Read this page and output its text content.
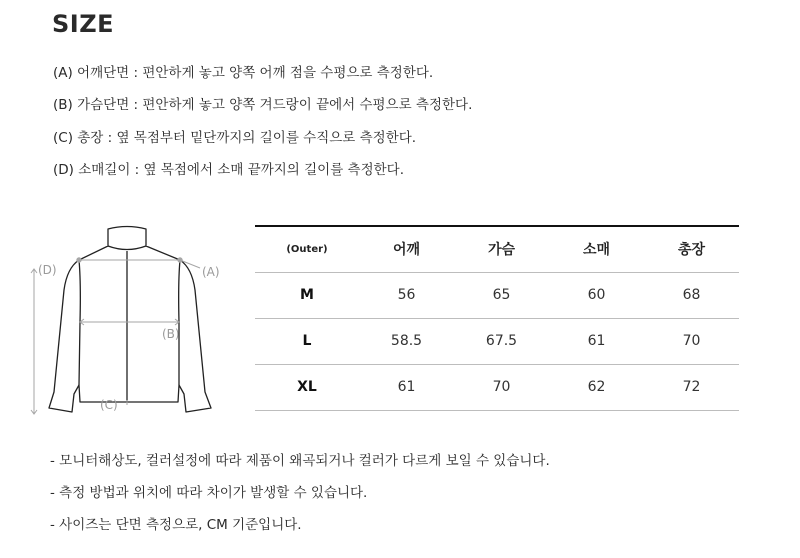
SIZE
(A) 어깨단면 : 편안하게 놓고 양쪽 어깨 점을 수평으로 측정한다.
(B) 가슴단면 : 편안하게 놓고 양쪽 겨드랑이 끝에서 수평으로 측정한다.
(C) 총장 : 옆 목점부터 밑단까지의 길이를 수직으로 측정한다.
(D) 소매길이 : 옆 목점에서 소매 끝까지의 길이를 측정한다.
(D)	(A)
(B)
(C)
(Outer)	어깨	가슴	소매	총장
M	56	65	60	68
L	58.5	67.5	61	70
XL	61	70	62	72
- 모니터해상도, 컬러설정에 따라 제품이 왜곡되거나 컬러가 다르게 보일 수 있습니다.
- 측정 방법과 위치에 따라 차이가 발생할 수 있습니다.
- 사이즈는 단면 측정으로, CM 기준입니다.
